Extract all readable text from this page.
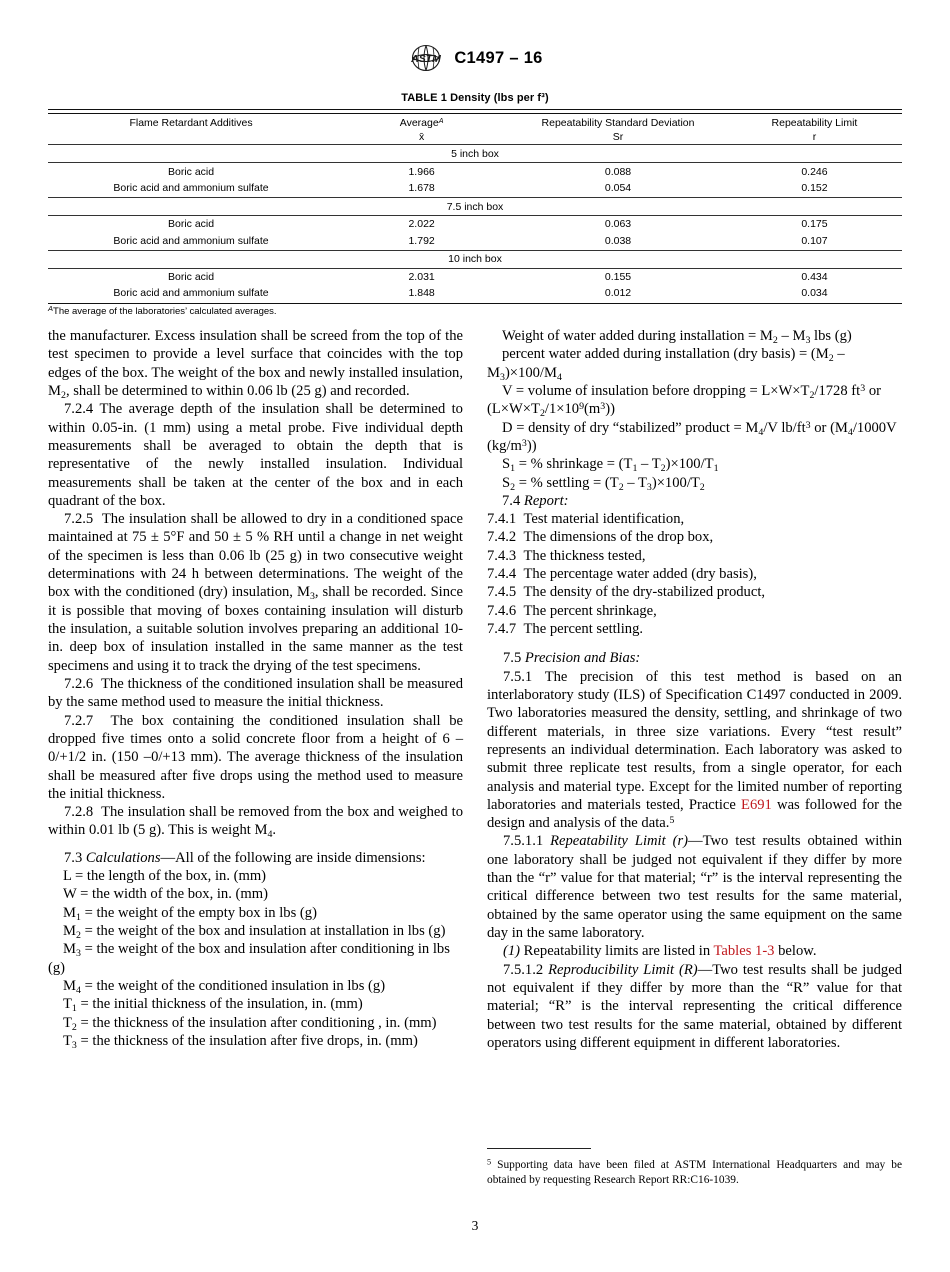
ASTM C1497 – 16
TABLE 1 Density (lbs per f³)

Flame Retardant Additives	Average$^A$	Repeatability Standard Deviation	Repeatability Limit
	x̄	Sr	r

5 inch box			
Boric acid	1.966	0.088	0.246
Boric acid and ammonium sulfate	1.678	0.054	0.152

7.5 inch box			
Boric acid	2.022	0.063	0.175
Boric acid and ammonium sulfate	1.792	0.038	0.107

10 inch box			
Boric acid	2.031	0.155	0.434
Boric acid and ammonium sulfate	1.848	0.012	0.034

$^A$The average of the laboratories’ calculated averages.

the manufacturer. Excess insulation shall be screed from the top of the test specimen to provide a level surface that coincides with the top edges of the box. The weight of the box and newly installed insulation, $M_2$, shall be determined to within 0.06 lb (25 g) and recorded.

7.2.4 The average depth of the insulation shall be determined to within 0.05-in. (1 mm) using a metal probe. Five individual depth measurements shall be averaged to obtain the depth that is representative of the newly installed insulation. Individual measurements shall be taken at the center of the box and in each quadrant of the box.

7.2.5 The insulation shall be allowed to dry in a conditioned space maintained at 75 ± 5°F and 50 ± 5 % RH until a change in net weight of the specimen is less than 0.06 lb (25 g) in two consecutive weight determinations with 24 h between determinations. The weight of the box with the conditioned (dry) insulation, $M_3$, shall be recorded. Since it is possible that moving of boxes containing insulation will disturb the insulation, a suitable solution involves preparing an additional 10-in. deep box of insulation installed in the same manner as the test specimens and using it to track the drying of the test specimens.

7.2.6 The thickness of the conditioned insulation shall be measured by the same method used to measure the initial thickness.

7.2.7 The box containing the conditioned insulation shall be dropped five times onto a solid concrete floor from a height of 6 –0/+1/2 in. (150 –0/+13 mm). The average thickness of the insulation shall be measured after five drops using the method used to measure the initial thickness.

7.2.8 The insulation shall be removed from the box and weighed to within 0.01 lb (5 g). This is weight $M_4$.

7.3 Calculations—All of the following are inside dimensions:

L = the length of the box, in. (mm)

W = the width of the box, in. (mm)

$M_1$ = the weight of the empty box in lbs (g)

$M_2$ = the weight of the box and insulation at installation in lbs (g)

$M_3$ = the weight of the box and insulation after conditioning in lbs (g)

$M_4$ = the weight of the conditioned insulation in lbs (g)

$T_1$ = the initial thickness of the insulation, in. (mm)

$T_2$ = the thickness of the insulation after conditioning , in. (mm)

$T_3$ = the thickness of the insulation after five drops, in. (mm)

Weight of water added during installation = $M_2 - M_3$ lbs (g)

percent water added during installation (dry basis) = $(M_2 - M_3)\times 100/M_4$

V = volume of insulation before dropping = $L\times W\times T_2/1728$ $ft^3$ or $(L\times W\times T_2/1\times 10^9(m^3))$

D = density of dry “stabilized” product = $M_4/V$ $lb/ft^3$ or ($M_4/1000V$ $(kg/m^3)$)

$S_1$ = % shrinkage = $(T_1 - T_2)\times 100/T_1$

$S_2$ = % settling = $(T_2 - T_3)\times 100/T_2$

7.4 Report:

7.4.1 Test material identification,

7.4.2 The dimensions of the drop box,

7.4.3 The thickness tested,

7.4.4 The percentage water added (dry basis),

7.4.5 The density of the dry-stabilized product,

7.4.6 The percent shrinkage,

7.4.7 The percent settling.

7.5 Precision and Bias:

7.5.1 The precision of this test method is based on an interlaboratory study (ILS) of Specification C1497 conducted in 2009. Two laboratories measured the density, settling, and shrinkage of two different materials, in three size variations. Every “test result” represents an individual determination. Each laboratory was asked to submit three replicate test results, from a single operator, for each analysis and material type. Except for the limited number of reporting laboratories and materials tested, Practice E691 was followed for the design and analysis of the data.$^5$

7.5.1.1 Repeatability Limit (r)—Two test results obtained within one laboratory shall be judged not equivalent if they differ by more than the “r” value for that material; “r” is the interval representing the critical difference between two test results for the same material, obtained by the same operator using the same equipment on the same day in the same laboratory.

(1) Repeatability limits are listed in Tables 1-3 below.

7.5.1.2 Reproducibility Limit (R)—Two test results shall be judged not equivalent if they differ by more than the “R” value for that material; “R” is the interval representing the critical difference between two test results for the same material, obtained by different operators using different equipment in different laboratories.

$^5$ Supporting data have been filed at ASTM International Headquarters and may be obtained by requesting Research Report RR:C16-1039.
3
